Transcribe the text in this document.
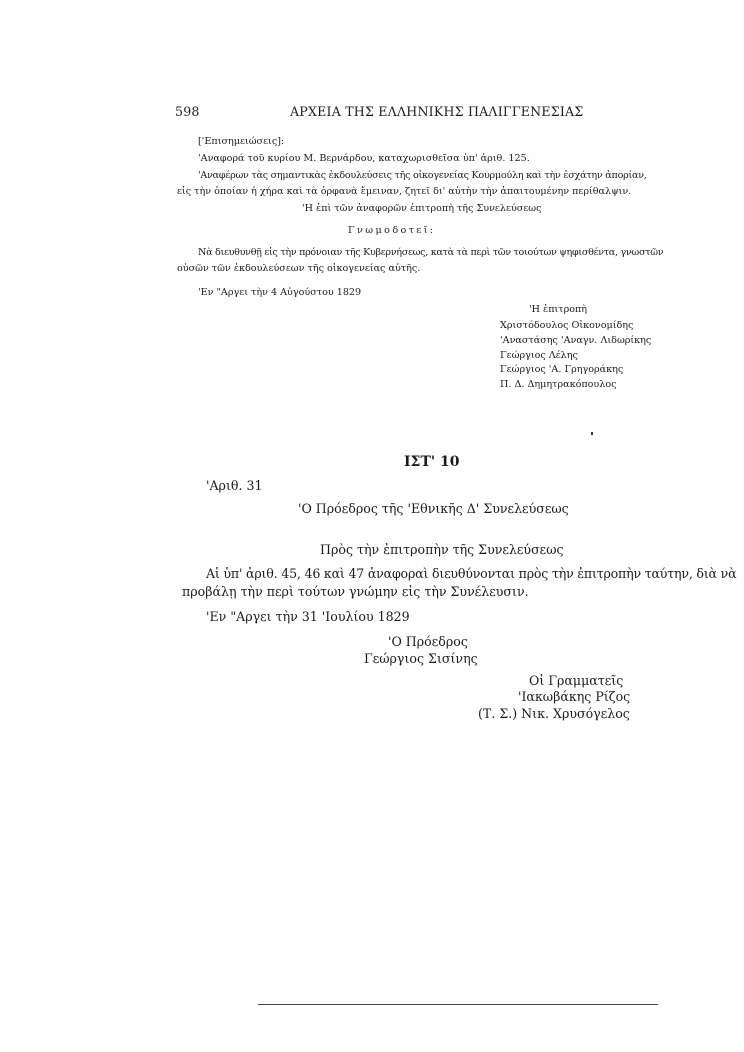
598	ΑΡΧΕΙΑ ΤΗΣ ΕΛΛΗΝΙΚΗΣ ΠΑΛΙΓΓΕΝΕΣΙΑΣ
['Επισημειώσεις]:
'Αναφορά τοῦ κυρίου Μ. Βερνάρδου, καταχωρισθεῖσα ὑπ' ἀριθ. 125.
'Αναφέρων τὰς σημαντικὰς ἐκδουλεύσεις τῆς οἰκογενείας Κουρμούλη καὶ τὴν ἐσχάτην ἀπορίαν,
εἰς τὴν ὁποίαν ἡ χήρα καὶ τὰ ὀρφανὰ ἔμειναν, ζητεῖ δι' αὐτὴν τὴν ἀπαιτουμένην περίθαλψιν.
'Η ἐπὶ τῶν ἀναφορῶν ἐπιτροπὴ τῆς Συνελεύσεως
Γνωμοδοτεῖ:
Νὰ διευθυνθῇ εἰς τὴν πρόνοιαν τῆς Κυβερνήσεως, κατὰ τὰ περὶ τῶν τοιούτων ψηφισθέντα, γνωστῶν
οὐσῶν τῶν ἐκδουλεύσεων τῆς οἰκογενείας αὐτῆς.
'Εν "Αργει τὴν 4 Αὐγούστου 1829
'Η ἐπιτροπὴ
Χριστόδουλος Οἰκονομίδης
'Αναστάσης 'Αναγν. Λιδωρίκης
Γεώργιος Λέλης
Γεώργιος 'Α. Γρηγοράκης
Π. Δ. Δημητρακόπουλος
ΙΣΤ' 10
'Αριθ. 31
'Ο Πρόεδρος τῆς 'Εθνικῆς Δ' Συνελεύσεως
Πρὸς τὴν ἐπιτροπὴν τῆς Συνελεύσεως
Αἱ ὑπ' ἀριθ. 45, 46 καὶ 47 ἀναφοραὶ διευθύνονται πρὸς τὴν ἐπιτροπὴν ταύτην, διὰ νὰ
προβάλῃ τὴν περὶ τούτων γνώμην εἰς τὴν Συνέλευσιν.
'Εν "Αργει τὴν 31 'Ιουλίου 1829
'Ο Πρόεδρος
Γεώργιος Σισίνης
Οἱ Γραμματεῖς
'Ιακωβάκης Ρίζος
(Τ. Σ.) Νικ. Χρυσόγελος
